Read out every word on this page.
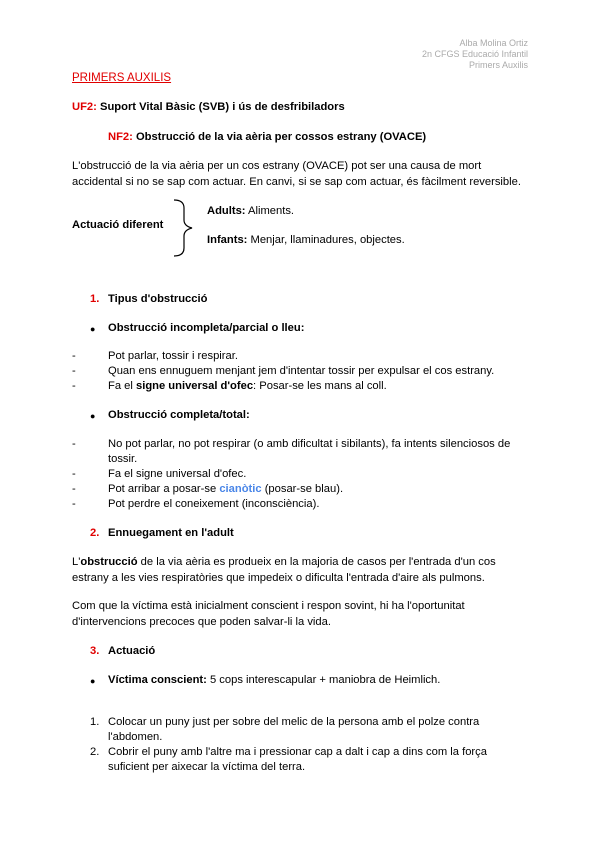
Alba Molina Ortiz
2n CFGS Educació Infantil
Primers Auxilis
PRIMERS AUXILIS
UF2: Suport Vital Bàsic (SVB) i ús de desfribiladors
NF2: Obstrucció de la via aèria per cossos estrany (OVACE)
L'obstrucció de la via aèria per un cos estrany (OVACE) pot ser una causa de mort
accidental si no se sap com actuar. En canvi, si se sap com actuar, és fàcilment reversible.
Actuació diferent
Adults: Aliments.
Infants: Menjar, llaminadures, objectes.
1. Tipus d'obstrucció
● Obstrucció incompleta/parcial o lleu:
-	Pot parlar, tossir i respirar.
-	Quan ens ennuguem menjant jem d'intentar tossir per expulsar el cos estrany.
-	Fa el signe universal d'ofec: Posar-se les mans al coll.
● Obstrucció completa/total:
-	No pot parlar, no pot respirar (o amb dificultat i sibilants), fa intents silenciosos de
tossir.
-	Fa el signe universal d'ofec.
-	Pot arribar a posar-se cianòtic (posar-se blau).
-	Pot perdre el coneixement (inconsciència).
2. Ennuegament en l'adult
L'obstrucció de la via aèria es produeix en la majoria de casos per l'entrada d'un cos
estrany a les vies respiratòries que impedeix o dificulta l'entrada d'aire als pulmons.
Com que la víctima està inicialment conscient i respon sovint, hi ha l'oportunitat
d'intervencions precoces que poden salvar-li la vida.
3. Actuació
● Víctima conscient: 5 cops interescapular + maniobra de Heimlich.
1. Colocar un puny just per sobre del melic de la persona amb el polze contra
l'abdomen.
2. Cobrir el puny amb l'altre ma i pressionar cap a dalt i cap a dins com la força
suficient per aixecar la víctima del terra.
